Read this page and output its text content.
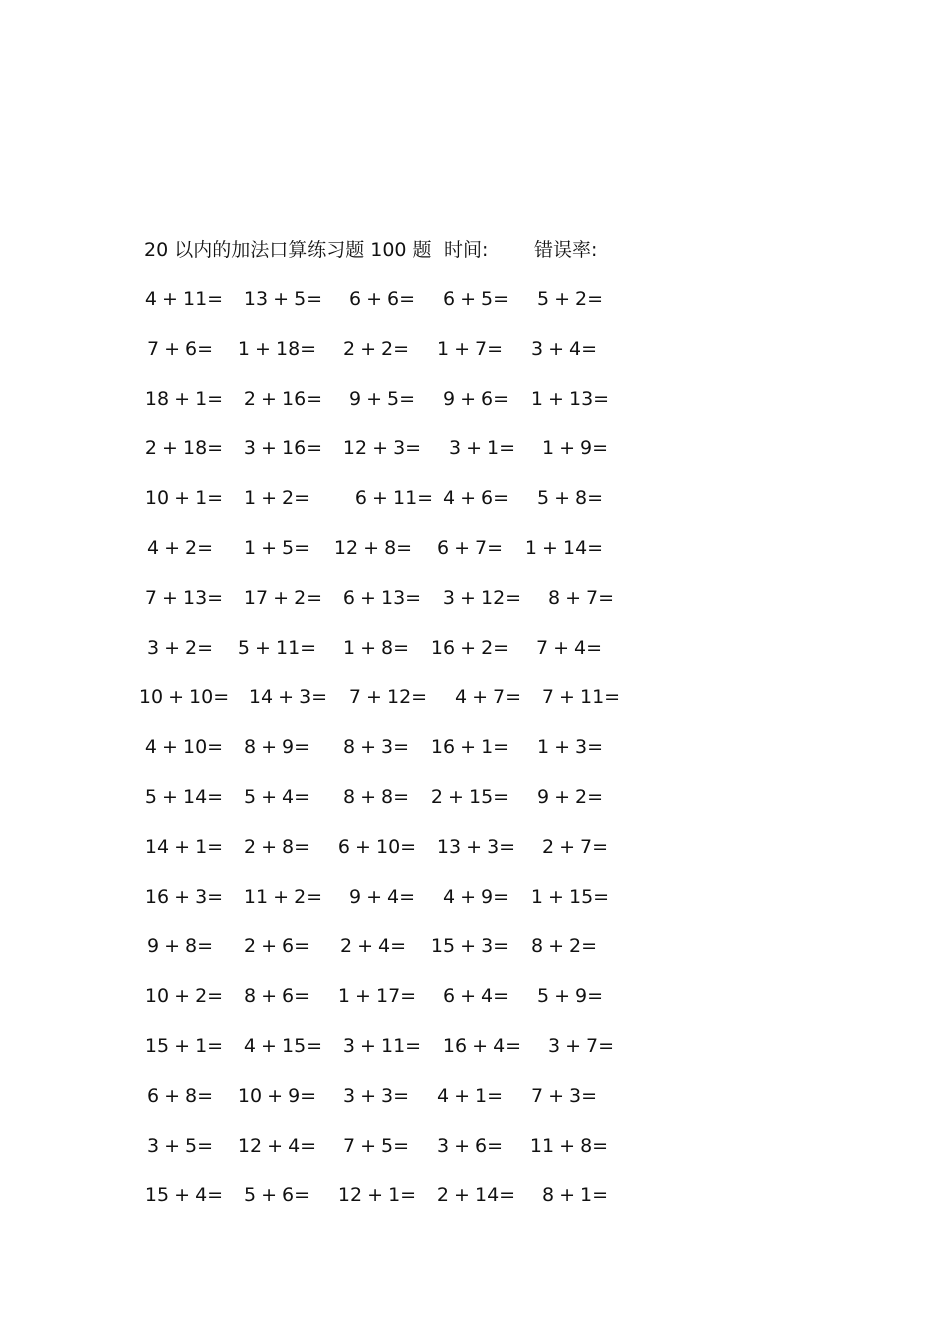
20 以内的加法口算练习题 100 题 时间: 错误率:
4 + 11=	13 + 5=	6 + 6=	6 + 5=	5 + 2=
7 + 6=	1 + 18=	2 + 2=	1 + 7=	3 + 4=
18 + 1=	2 + 16=	9 + 5=	9 + 6=	1 + 13=
2 + 18=	3 + 16=	12 + 3=	3 + 1=	1 + 9=
10 + 1=	1 + 2=	6 + 11= 4 + 6=	5 + 8=
4 + 2=	1 + 5=	12 + 8=	6 + 7=	1 + 14=
7 + 13=	17 + 2=	6 + 13=	3 + 12=	8 + 7=
3 + 2=	5 + 11=	1 + 8=	16 + 2=	7 + 4=
10 + 10=	14 + 3=	7 + 12=	4 + 7=	7 + 11=
4 + 10=	8 + 9=	8 + 3=	16 + 1=	1 + 3=
5 + 14=	5 + 4=	8 + 8=	2 + 15=	9 + 2=
14 + 1=	2 + 8=	6 + 10=	13 + 3=	2 + 7=
16 + 3=	11 + 2=	9 + 4=	4 + 9=	1 + 15=
9 + 8=	2 + 6=	2 + 4=	15 + 3=	8 + 2=
10 + 2=	8 + 6=	1 + 17=	6 + 4=	5 + 9=
15 + 1=	4 + 15=	3 + 11=	16 + 4=	3 + 7=
6 + 8=	10 + 9=	3 + 3=	4 + 1=	7 + 3=
3 + 5=	12 + 4=	7 + 5=	3 + 6=	11 + 8=
15 + 4=	5 + 6=	12 + 1=	2 + 14=	8 + 1=
